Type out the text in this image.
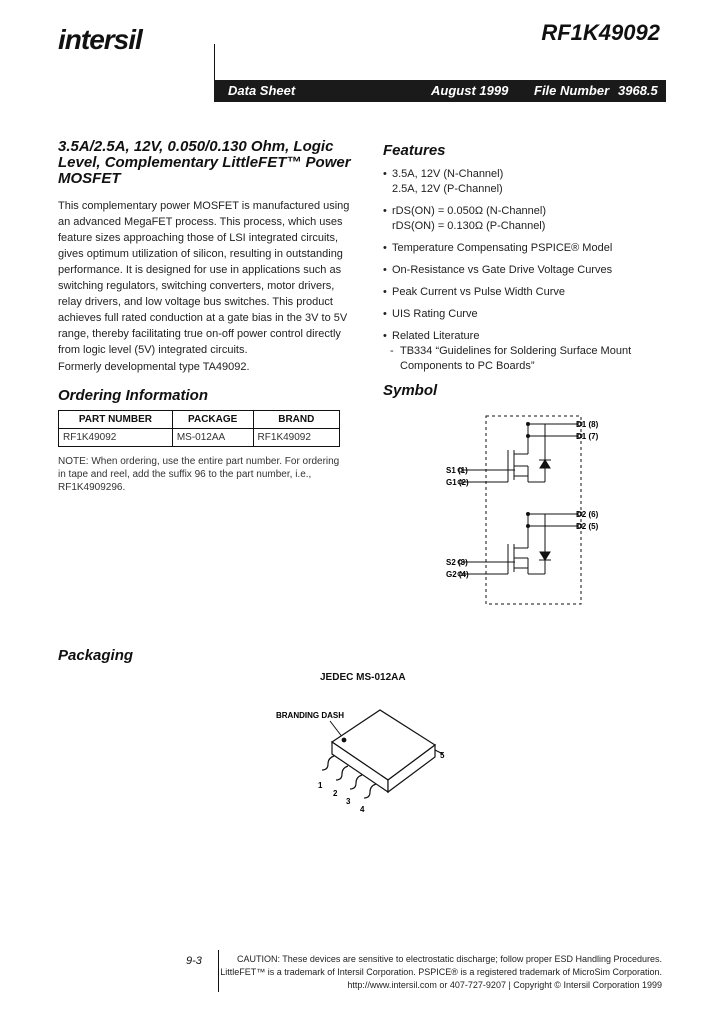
intersil	RF1K49092
Data Sheet	August 1999 File Number 3968.5
3.5A/2.5A, 12V, 0.050/0.130 Ohm, Logic Level, Complementary LittleFET™ Power MOSFET
This complementary power MOSFET is manufactured using an advanced MegaFET process. This process, which uses feature sizes approaching those of LSI integrated circuits, gives optimum utilization of silicon, resulting in outstanding performance. It is designed for use in applications such as switching regulators, switching converters, motor drivers, relay drivers, and low voltage bus switches. This product achieves full rated conduction at a gate bias in the 3V to 5V range, thereby facilitating true on-off power control directly from logic level (5V) integrated circuits.
Formerly developmental type TA49092.
Ordering Information
PART NUMBER	PACKAGE	BRAND
RF1K49092	MS-012AA	RF1K49092
NOTE: When ordering, use the entire part number. For ordering in tape and reel, add the suffix 96 to the part number, i.e., RF1K4909296.
Features
• 3.5A, 12V (N-Channel)
2.5A, 12V (P-Channel)
• rDS(ON) = 0.050Ω (N-Channel)
rDS(ON) = 0.130Ω (P-Channel)
• Temperature Compensating PSPICE® Model
• On-Resistance vs Gate Drive Voltage Curves
• Peak Current vs Pulse Width Curve
• UIS Rating Curve
• Related Literature
- TB334 “Guidelines for Soldering Surface Mount Components to PC Boards”
Symbol
D1 (8)
D1 (7)
S1 (1)
G1 (2)
D2 (6)
D2 (5)
S2 (3)
G2 (4)
Packaging
JEDEC MS-012AA
BRANDING DASH
1
2
3
4
5
9-3	CAUTION: These devices are sensitive to electrostatic discharge; follow proper ESD Handling Procedures.
LittleFET™ is a trademark of Intersil Corporation. PSPICE® is a registered trademark of MicroSim Corporation.
http://www.intersil.com or 407-727-9207 | Copyright © Intersil Corporation 1999
